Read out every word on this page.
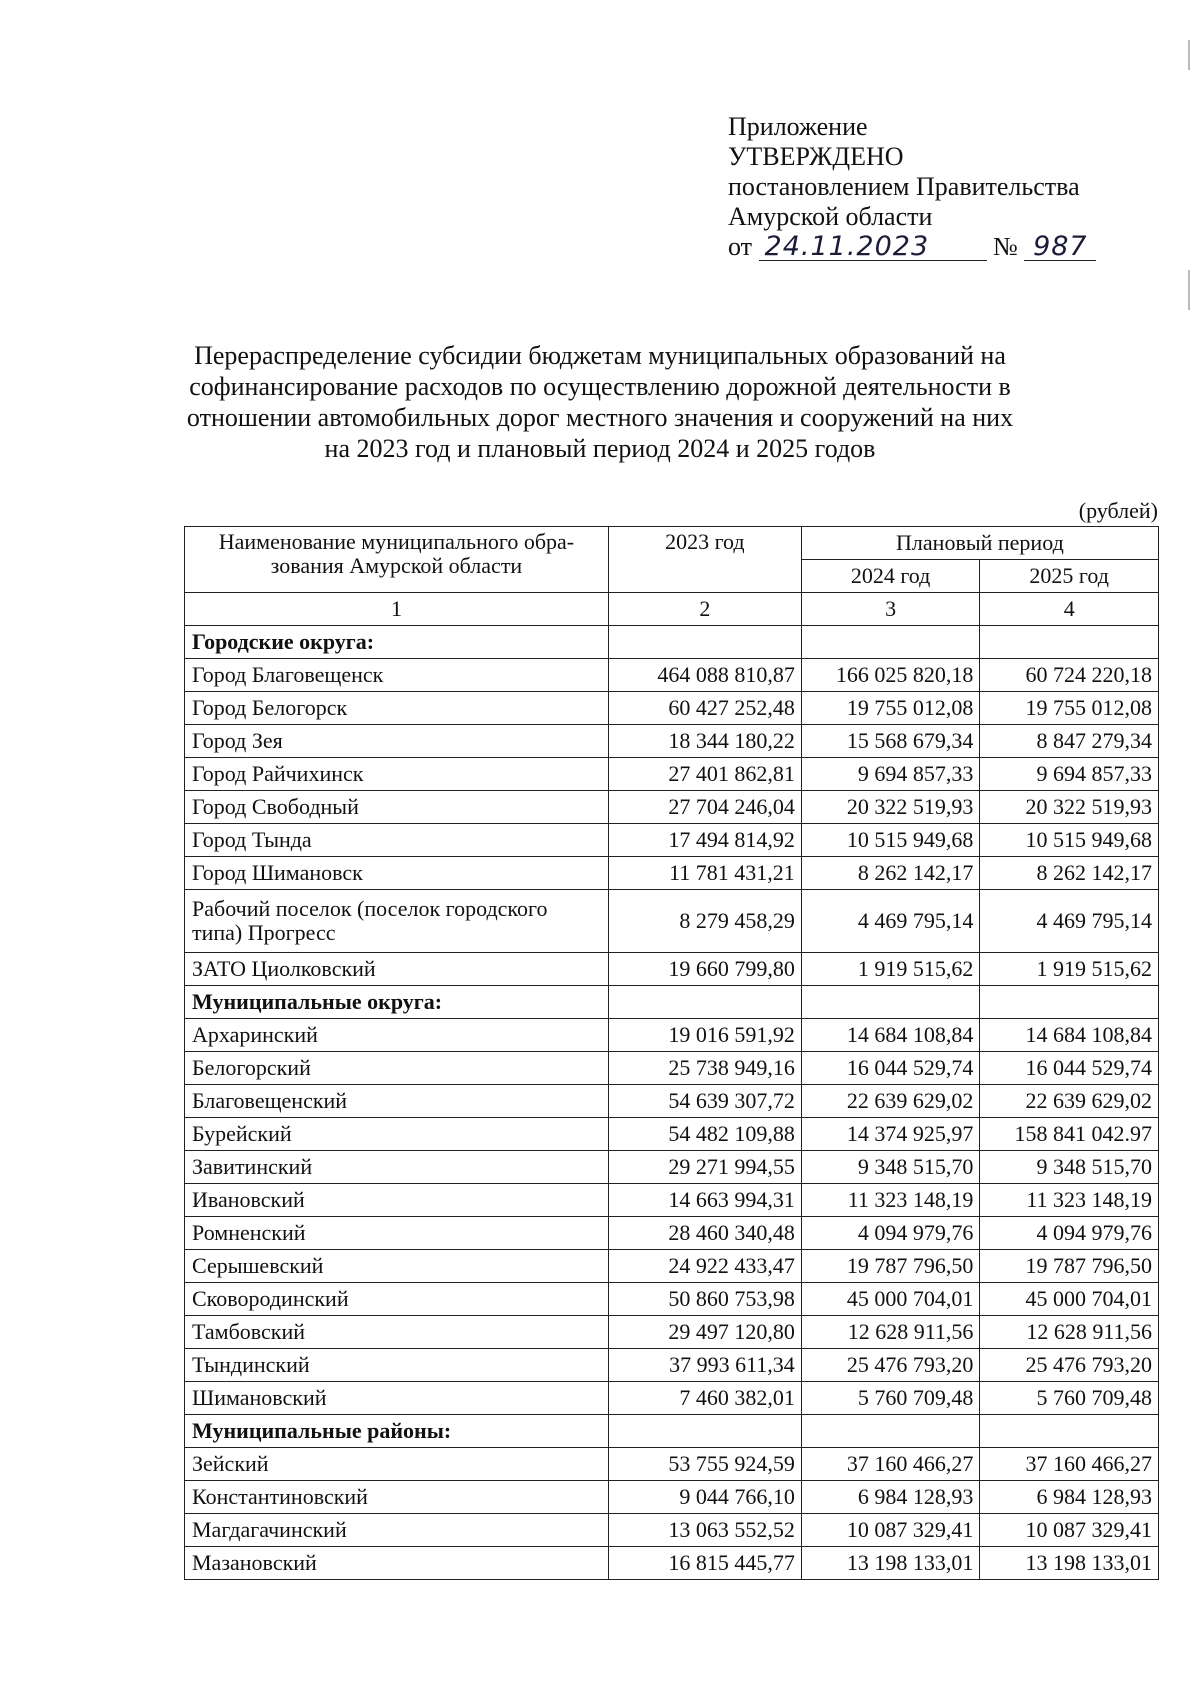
Приложение
УТВЕРЖДЕНО
постановлением Правительства
Амурской области
от 24.11.2023 № 987
Перераспределение субсидии бюджетам муниципальных образований на
софинансирование расходов по осуществлению дорожной деятельности в
отношении автомобильных дорог местного значения и сооружений на них
на 2023 год и плановый период 2024 и 2025 годов
(рублей)
Наименование муниципального обра-зования Амурской области	2023 год	Плановый период	
		2024 год	2025 год
1	2	3	4
Городские округа:			
Город Благовещенск	464 088 810,87	166 025 820,18	60 724 220,18
Город Белогорск	60 427 252,48	19 755 012,08	19 755 012,08
Город Зея	18 344 180,22	15 568 679,34	8 847 279,34
Город Райчихинск	27 401 862,81	9 694 857,33	9 694 857,33
Город Свободный	27 704 246,04	20 322 519,93	20 322 519,93
Город Тында	17 494 814,92	10 515 949,68	10 515 949,68
Город Шимановск	11 781 431,21	8 262 142,17	8 262 142,17
Рабочий поселок (поселок городского типа) Прогресс	8 279 458,29	4 469 795,14	4 469 795,14
ЗАТО Циолковский	19 660 799,80	1 919 515,62	1 919 515,62
Муниципальные округа:			
Архаринский	19 016 591,92	14 684 108,84	14 684 108,84
Белогорский	25 738 949,16	16 044 529,74	16 044 529,74
Благовещенский	54 639 307,72	22 639 629,02	22 639 629,02
Бурейский	54 482 109,88	14 374 925,97	158 841 042.97
Завитинский	29 271 994,55	9 348 515,70	9 348 515,70
Ивановский	14 663 994,31	11 323 148,19	11 323 148,19
Ромненский	28 460 340,48	4 094 979,76	4 094 979,76
Серышевский	24 922 433,47	19 787 796,50	19 787 796,50
Сковородинский	50 860 753,98	45 000 704,01	45 000 704,01
Тамбовский	29 497 120,80	12 628 911,56	12 628 911,56
Тындинский	37 993 611,34	25 476 793,20	25 476 793,20
Шимановский	7 460 382,01	5 760 709,48	5 760 709,48
Муниципальные районы:			
Зейский	53 755 924,59	37 160 466,27	37 160 466,27
Константиновский	9 044 766,10	6 984 128,93	6 984 128,93
Магдагачинский	13 063 552,52	10 087 329,41	10 087 329,41
Мазановский	16 815 445,77	13 198 133,01	13 198 133,01
